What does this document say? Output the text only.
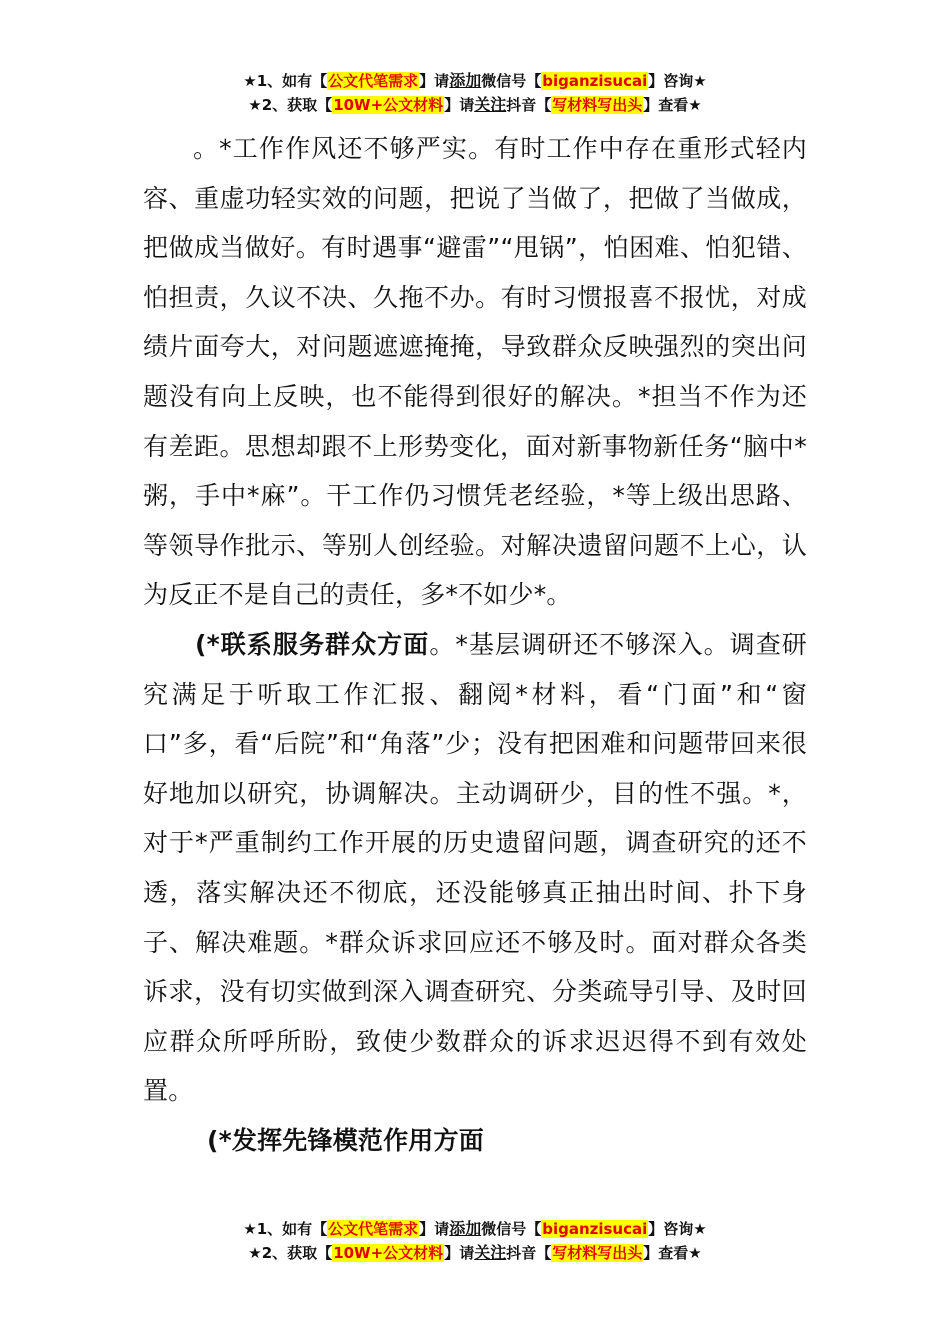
★1、如有【公文代笔需求】请添加微信号【biganzisucai】咨询★
★2、获取【10W+公文材料】请关注抖音【写材料写出头】查看★

。*工作作风还不够严实。有时工作中存在重形式轻内容、重虚功轻实效的问题，把说了当做了，把做了当做成，把做成当做好。有时遇事“避雷”“甩锅”，怕困难、怕犯错、怕担责，久议不决、久拖不办。有时习惯报喜不报忧，对成绩片面夸大，对问题遮遮掩掩，导致群众反映强烈的突出问题没有向上反映，也不能得到很好的解决。*担当不作为还有差距。思想却跟不上形势变化，面对新事物新任务“脑中*粥，手中*麻”。干工作仍习惯凭老经验，*等上级出思路、等领导作批示、等别人创经验。对解决遗留问题不上心，认为反正不是自己的责任，多*不如少*。

(*联系服务群众方面。*基层调研还不够深入。调查研究满足于听取工作汇报、翻阅*材料，看“门面”和“窗口”多，看“后院”和“角落”少；没有把困难和问题带回来很好地加以研究，协调解决。主动调研少，目的性不强。*，对于*严重制约工作开展的历史遗留问题，调查研究的还不透，落实解决还不彻底，还没能够真正抽出时间、扑下身子、解决难题。*群众诉求回应还不够及时。面对群众各类诉求，没有切实做到深入调查研究、分类疏导引导、及时回应群众所呼所盼，致使少数群众的诉求迟迟得不到有效处置。

(*发挥先锋模范作用方面

★1、如有【公文代笔需求】请添加微信号【biganzisucai】咨询★
★2、获取【10W+公文材料】请关注抖音【写材料写出头】查看★
